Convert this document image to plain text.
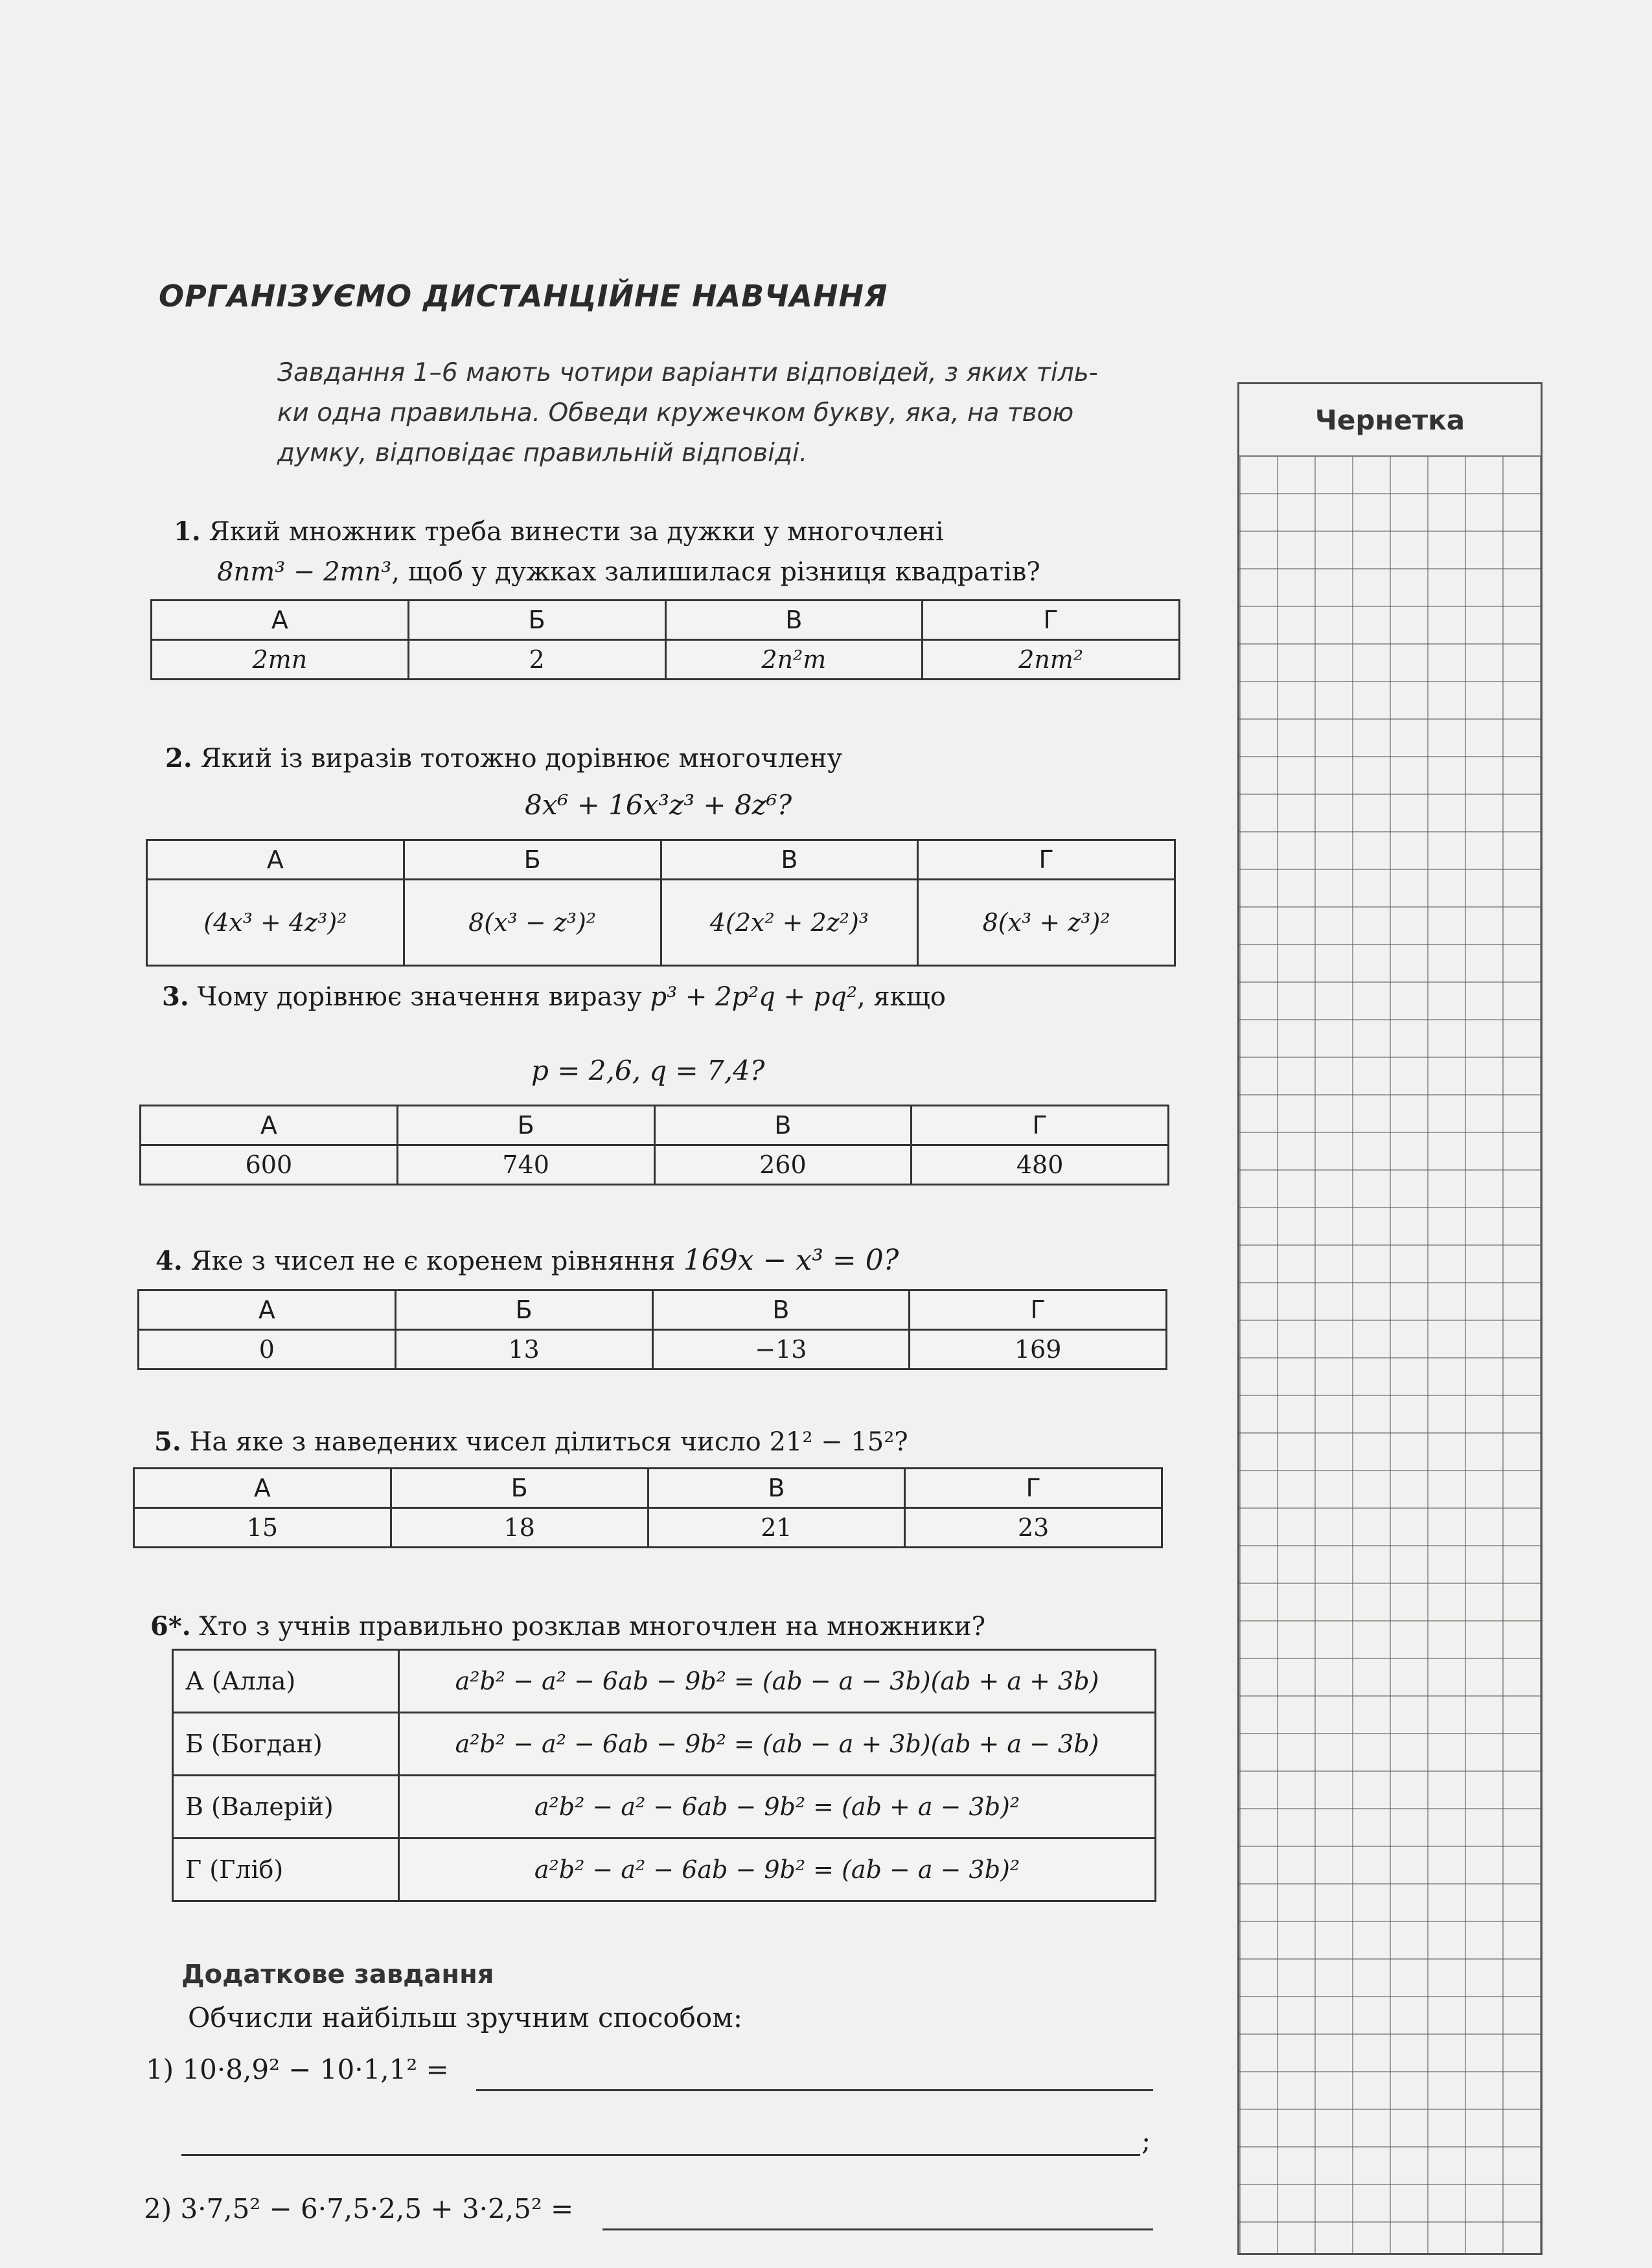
ОРГАНІЗУЄМО ДИСТАНЦІЙНЕ НАВЧАННЯ
Завдання 1–6 мають чотири варіанти відповідей, з яких тіль-
ки одна правильна. Обведи кружечком букву, яка, на твою
думку, відповідає правильній відповіді.
Чернетка
1. Який множник треба винести за дужки у многочлені
8nm³ − 2mn³, щоб у дужках залишилася різниця квадратів?
А	Б	В	Г
2mn	2	2n²m	2nm²
2. Який із виразів тотожно дорівнює многочлену
8x⁶ + 16x³z³ + 8z⁶?
А	Б	В	Г
(4x³ + 4z³)²	8(x³ − z³)²	4(2x² + 2z²)³	8(x³ + z³)²
3. Чому дорівнює значення виразу p³ + 2p²q + pq², якщо
p = 2,6, q = 7,4?
А	Б	В	Г
600	740	260	480
4. Яке з чисел не є коренем рівняння 169x − x³ = 0?
А	Б	В	Г
0	13	−13	169
5. На яке з наведених чисел ділиться число 21² − 15²?
А	Б	В	Г
15	18	21	23
6*. Хто з учнів правильно розклав многочлен на множники?
А (Алла)	a²b² − a² − 6ab − 9b² = (ab − a − 3b)(ab + a + 3b)
Б (Богдан)	a²b² − a² − 6ab − 9b² = (ab − a + 3b)(ab + a − 3b)
В (Валерій)	a²b² − a² − 6ab − 9b² = (ab + a − 3b)²
Г (Гліб)	a²b² − a² − 6ab − 9b² = (ab − a − 3b)²
Додаткове завдання
Обчисли найбільш зручним способом:
1) 10·8,9² − 10·1,1² =
;
2) 3·7,5² − 6·7,5·2,5 + 3·2,5² =
